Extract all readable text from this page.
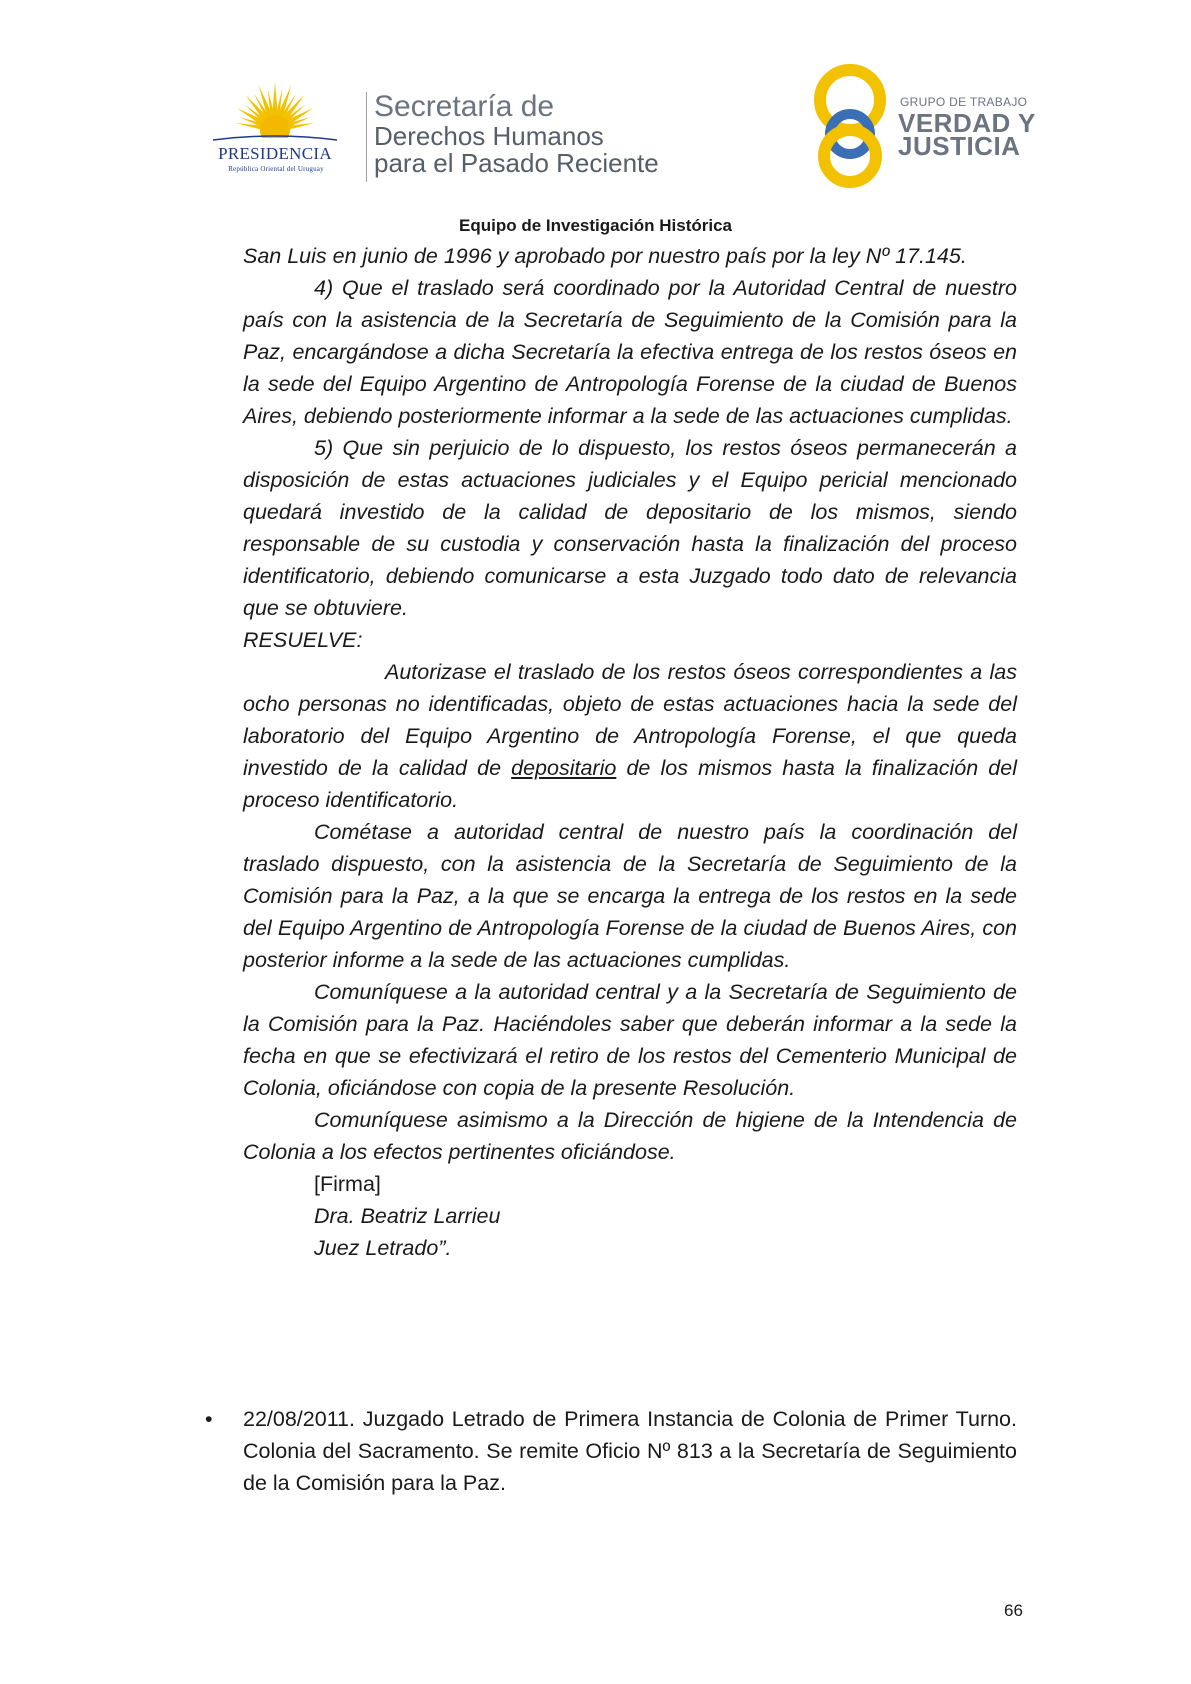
PRESIDENCIA
República Oriental del Uruguay
Secretaría de
Derechos Humanos
para el Pasado Reciente
GRUPO DE TRABAJO
VERDAD Y
JUSTICIA
Equipo de Investigación Histórica

San Luis en junio de 1996 y aprobado por nuestro país por la ley Nº 17.145.

4) Que el traslado será coordinado por la Autoridad Central de nuestro país con la asistencia de la Secretaría de Seguimiento de la Comisión para la Paz, encargándose a dicha Secretaría la efectiva entrega de los restos óseos en la sede del Equipo Argentino de Antropología Forense de la ciudad de Buenos Aires, debiendo posteriormente informar a la sede de las actuaciones cumplidas.

5) Que sin perjuicio de lo dispuesto, los restos óseos permanecerán a disposición de estas actuaciones judiciales y el Equipo pericial mencionado quedará investido de la calidad de depositario de los mismos, siendo responsable de su custodia y conservación hasta la finalización del proceso identificatorio, debiendo comunicarse a esta Juzgado todo dato de relevancia que se obtuviere.

RESUELVE:

Autorizase el traslado de los restos óseos correspondientes a las ocho personas no identificadas, objeto de estas actuaciones hacia la sede del laboratorio del Equipo Argentino de Antropología Forense, el que queda investido de la calidad de depositario de los mismos hasta la finalización del proceso identificatorio.

Cométase a autoridad central de nuestro país la coordinación del traslado dispuesto, con la asistencia de la Secretaría de Seguimiento de la Comisión para la Paz, a la que se encarga la entrega de los restos en la sede del Equipo Argentino de Antropología Forense de la ciudad de Buenos Aires, con posterior informe a la sede de las actuaciones cumplidas.

Comuníquese a la autoridad central y a la Secretaría de Seguimiento de la Comisión para la Paz. Haciéndoles saber que deberán informar a la sede la fecha en que se efectivizará el retiro de los restos del Cementerio Municipal de Colonia, oficiándose con copia de la presente Resolución.

Comuníquese asimismo a la Dirección de higiene de la Intendencia de Colonia a los efectos pertinentes oficiándose.

[Firma]

Dra. Beatriz Larrieu

Juez Letrado”.

•	22/08/2011. Juzgado Letrado de Primera Instancia de Colonia de Primer Turno. Colonia del Sacramento. Se remite Oficio Nº 813 a la Secretaría de Seguimiento de la Comisión para la Paz.

66
